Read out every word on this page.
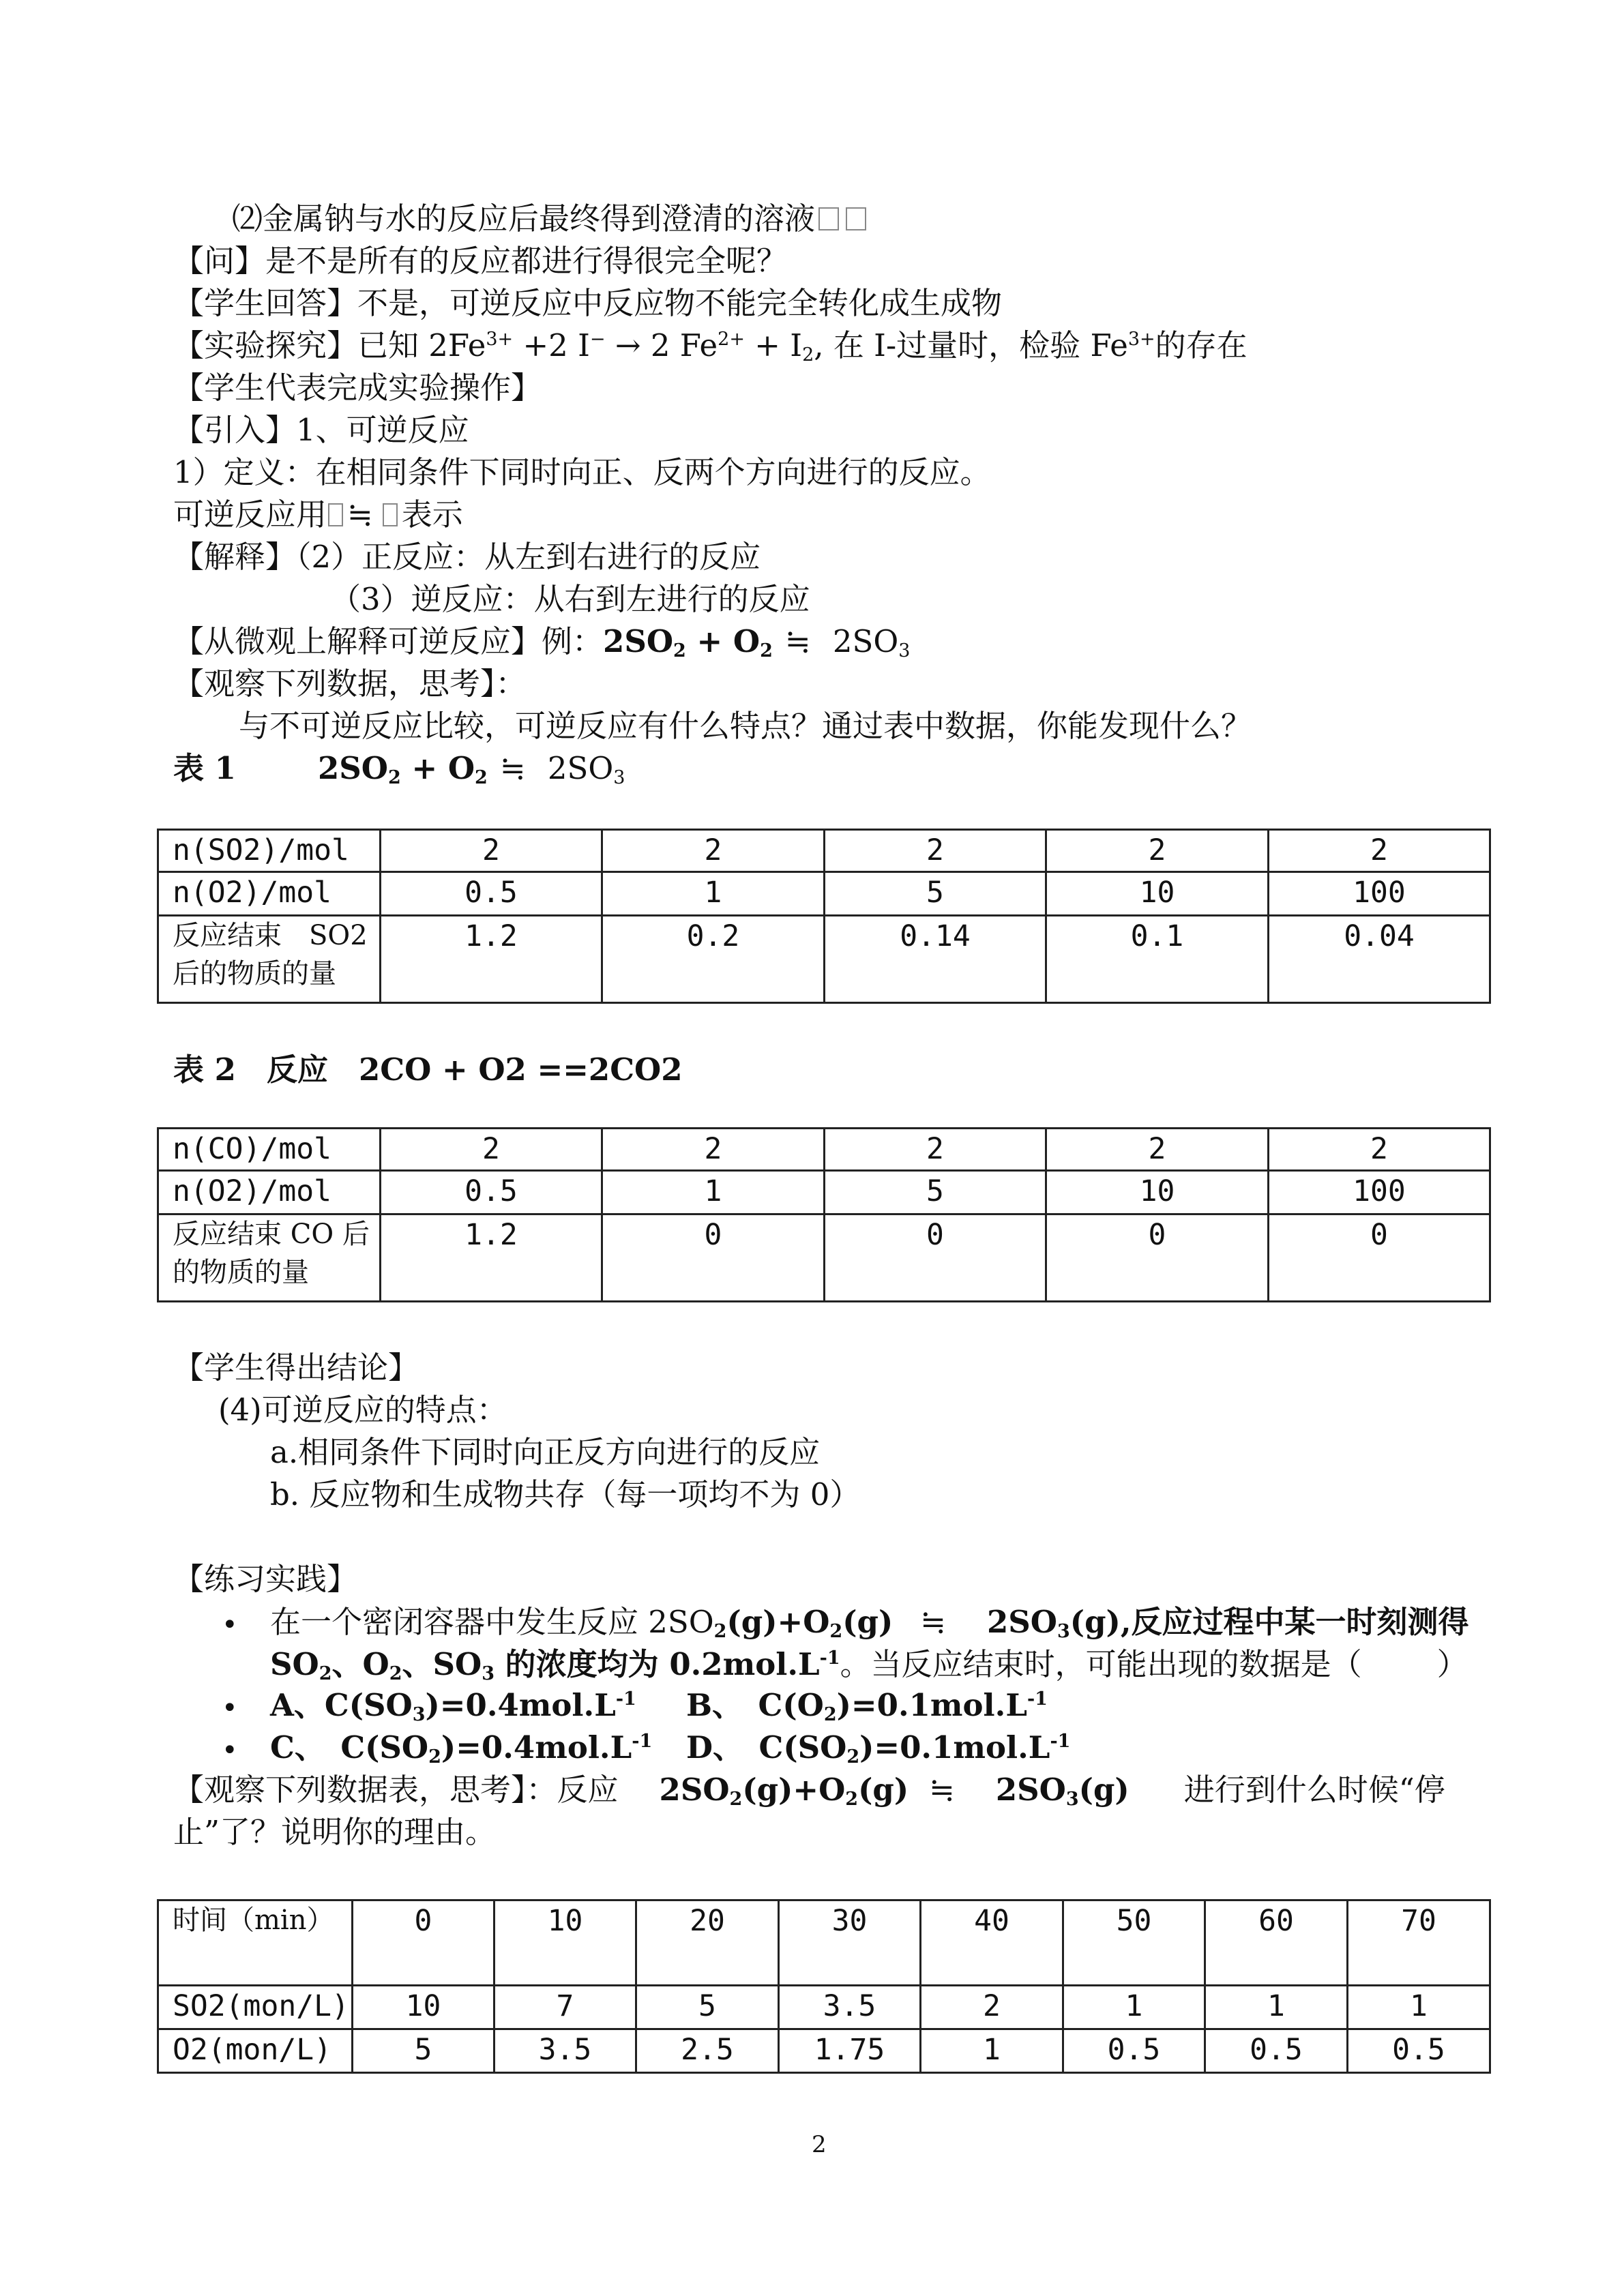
⑵金属钠与水的反应后最终得到澄清的溶液
【问】是不是所有的反应都进行得很完全呢？
【学生回答】不是，可逆反应中反应物不能完全转化成生成物
【实验探究】已知 $2Fe^{3+} +2$ I− → 2 $Fe^{2+} + I_2$, 在 I-过量时，检验 $Fe^{3+}$的存在
【学生代表完成实验操作】
【引入】1、可逆反应
1）定义：在相同条件下同时向正、反两个方向进行的反应。
可逆反应用 ≒ 表示
【解释】（2）正反应：从左到右进行的反应
（3）逆反应：从右到左进行的反应
【从微观上解释可逆反应】例：$2SO_2 + O_2$ ≒ $2SO_3$
【观察下列数据，思考】：
与不可逆反应比较，可逆反应有什么特点？通过表中数据，你能发现什么？
表 1	$2SO_2 + O_2$ ≒ $2SO_3$
n(SO2)/mol	2	2	2	2	2
n(O2)/mol	0.5	1	5	10	100
反应结束　SO2后的物质的量	1.2	0.2	0.14	0.1	0.04
表 2　反应　2CO + O2 ==2CO2
n(CO)/mol	2	2	2	2	2
n(O2)/mol	0.5	1	5	10	100
反应结束 CO 后的物质的量	1.2	0	0	0	0
【学生得出结论】
(4)可逆反应的特点：
a.相同条件下同时向正反方向进行的反应
b. 反应物和生成物共存（每一项均不为 0）
【练习实践】
• 在一个密闭容器中发生反应 $2SO_2(g)+O_2(g)$ ≒ $2SO_3(g)$,反应过程中某一时刻测得
$SO_2$、$O_2$、$SO_3$ 的浓度均为 $0.2mol.L^{-1}$。当反应结束时，可能出现的数据是（ ）
• A、$C(SO_3)=0.4mol.L^{-1}$ B、　$C(O_2)=0.1mol.L^{-1}$
• C、　$C(SO_2)=0.4mol.L^{-1}$ D、　$C(SO_2)=0.1mol.L^{-1}$
【观察下列数据表，思考】：反应 $2SO_2(g)+O_2(g)$ ≒ $2SO_3(g)$ 进行到什么时候“停
止”了？说明你的理由。
时间（min）	0	10	20	30	40	50	60	70
SO2(mon/L)	10	7	5	3.5	2	1	1	1
O2(mon/L)	5	3.5	2.5	1.75	1	0.5	0.5	0.5
2
